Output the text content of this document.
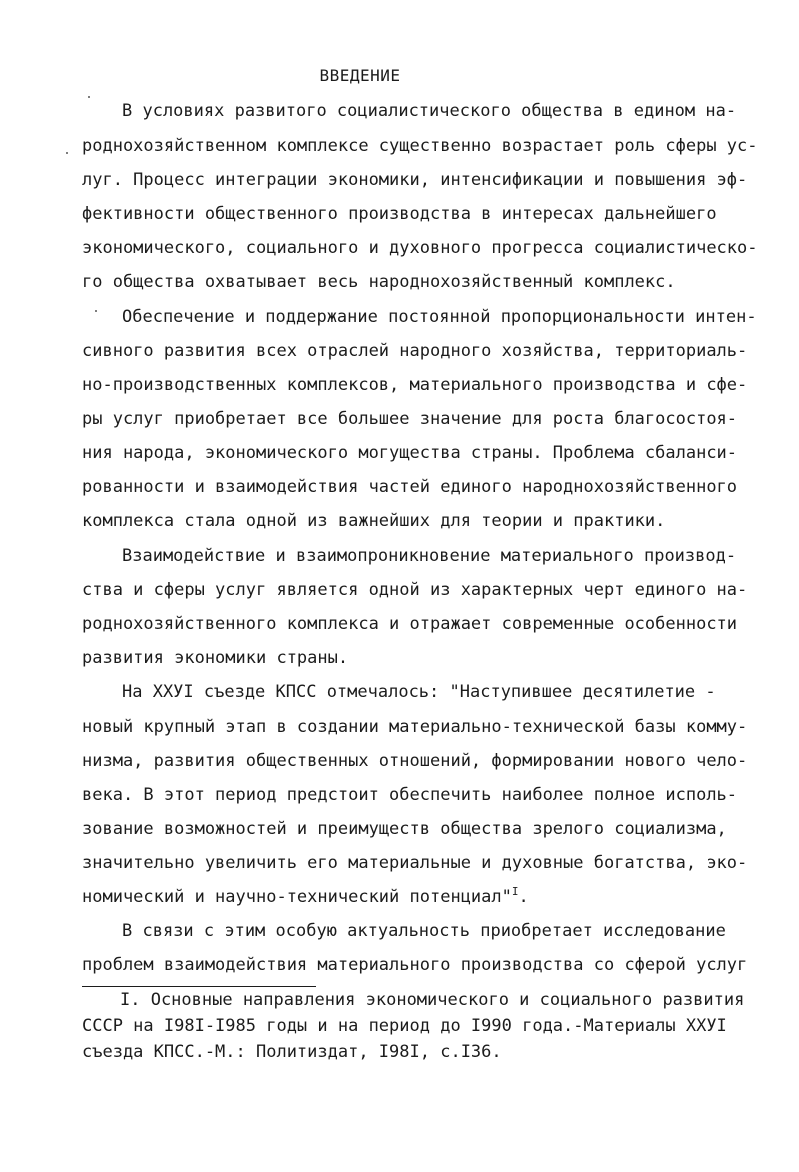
ВВЕДЕНИЕ
В условиях развитого социалистического общества в едином на-
роднохозяйственном комплексе существенно возрастает роль сферы ус-
луг. Процесс интеграции экономики, интенсификации и повышения эф-
фективности общественного производства в интересах дальнейшего
экономического, социального и духовного прогресса социалистическо-
го общества охватывает весь народнохозяйственный комплекс.
Обеспечение и поддержание постоянной пропорциональности интен-
сивного развития всех отраслей народного хозяйства, территориаль-
но-производственных комплексов, материального производства и сфе-
ры услуг приобретает все большее значение для роста благосостоя-
ния народа, экономического могущества страны. Проблема сбаланси-
рованности и взаимодействия частей единого народнохозяйственного
комплекса стала одной из важнейших для теории и практики.
Взаимодействие и взаимопроникновение материального производ-
ства и сферы услуг является одной из характерных черт единого на-
роднохозяйственного комплекса и отражает современные особенности
развития экономики страны.
На ХХУI съезде КПСС отмечалось: "Наступившее десятилетие -
новый крупный этап в создании материально-технической базы комму-
низма, развития общественных отношений, формировании нового чело-
века. В этот период предстоит обеспечить наиболее полное исполь-
зование возможностей и преимуществ общества зрелого социализма,
значительно увеличить его материальные и духовные богатства, эко-
номический и научно-технический потенциал"$^I$.
В связи с этим особую актуальность приобретает исследование
проблем взаимодействия материального производства со сферой услуг
I. Основные направления экономического и социального развития
СССР на I98I-I985 годы и на период до I990 года.-Материалы ХХУI
съезда КПСС.-М.: Политиздат, I98I, с.I36.
